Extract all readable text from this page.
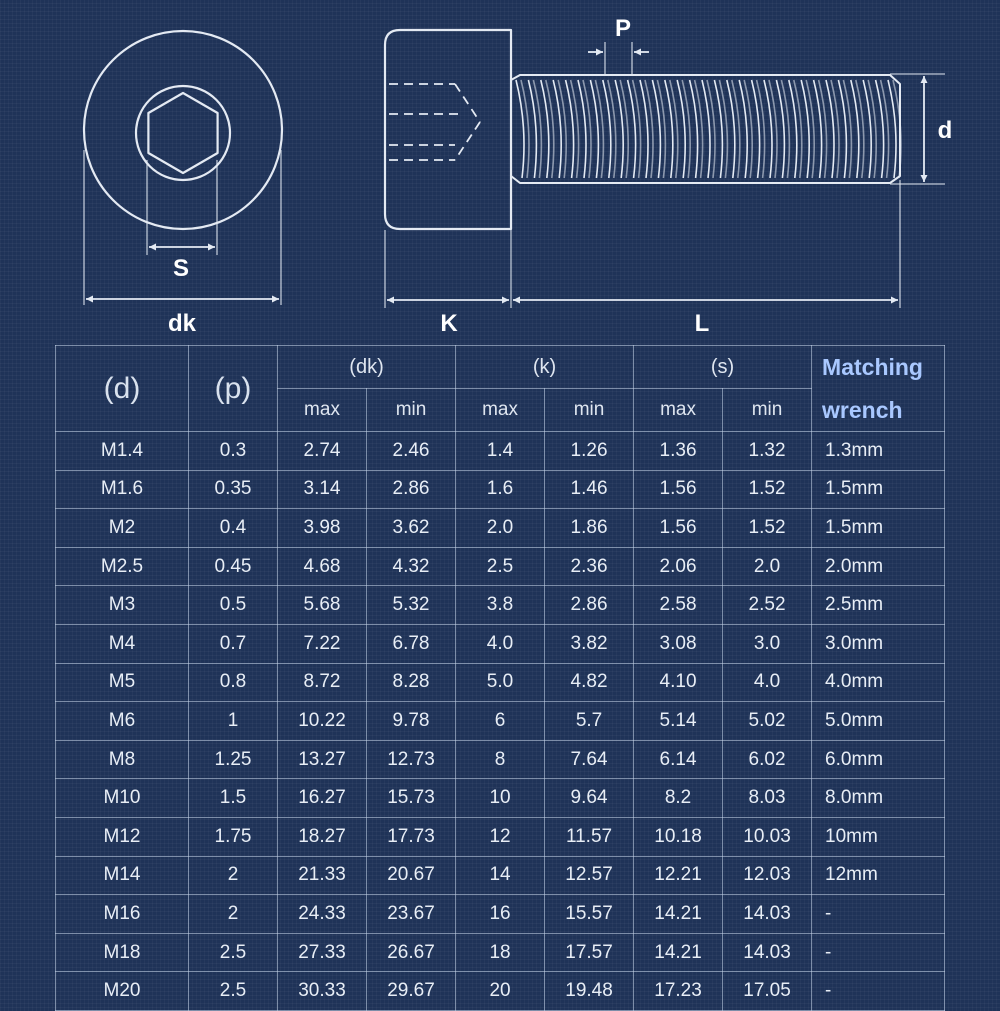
S
dk	K	L
P
d
(d)	(p)	(dk)		(k)		(s)		Matching wrench
		max	min	max	min	max	min	
M1.4	0.3	2.74	2.46	1.4	1.26	1.36	1.32	1.3mm
M1.6	0.35	3.14	2.86	1.6	1.46	1.56	1.52	1.5mm
M2	0.4	3.98	3.62	2.0	1.86	1.56	1.52	1.5mm
M2.5	0.45	4.68	4.32	2.5	2.36	2.06	2.0	2.0mm
M3	0.5	5.68	5.32	3.8	2.86	2.58	2.52	2.5mm
M4	0.7	7.22	6.78	4.0	3.82	3.08	3.0	3.0mm
M5	0.8	8.72	8.28	5.0	4.82	4.10	4.0	4.0mm
M6	1	10.22	9.78	6	5.7	5.14	5.02	5.0mm
M8	1.25	13.27	12.73	8	7.64	6.14	6.02	6.0mm
M10	1.5	16.27	15.73	10	9.64	8.2	8.03	8.0mm
M12	1.75	18.27	17.73	12	11.57	10.18	10.03	10mm
M14	2	21.33	20.67	14	12.57	12.21	12.03	12mm
M16	2	24.33	23.67	16	15.57	14.21	14.03	-
M18	2.5	27.33	26.67	18	17.57	14.21	14.03	-
M20	2.5	30.33	29.67	20	19.48	17.23	17.05	-
